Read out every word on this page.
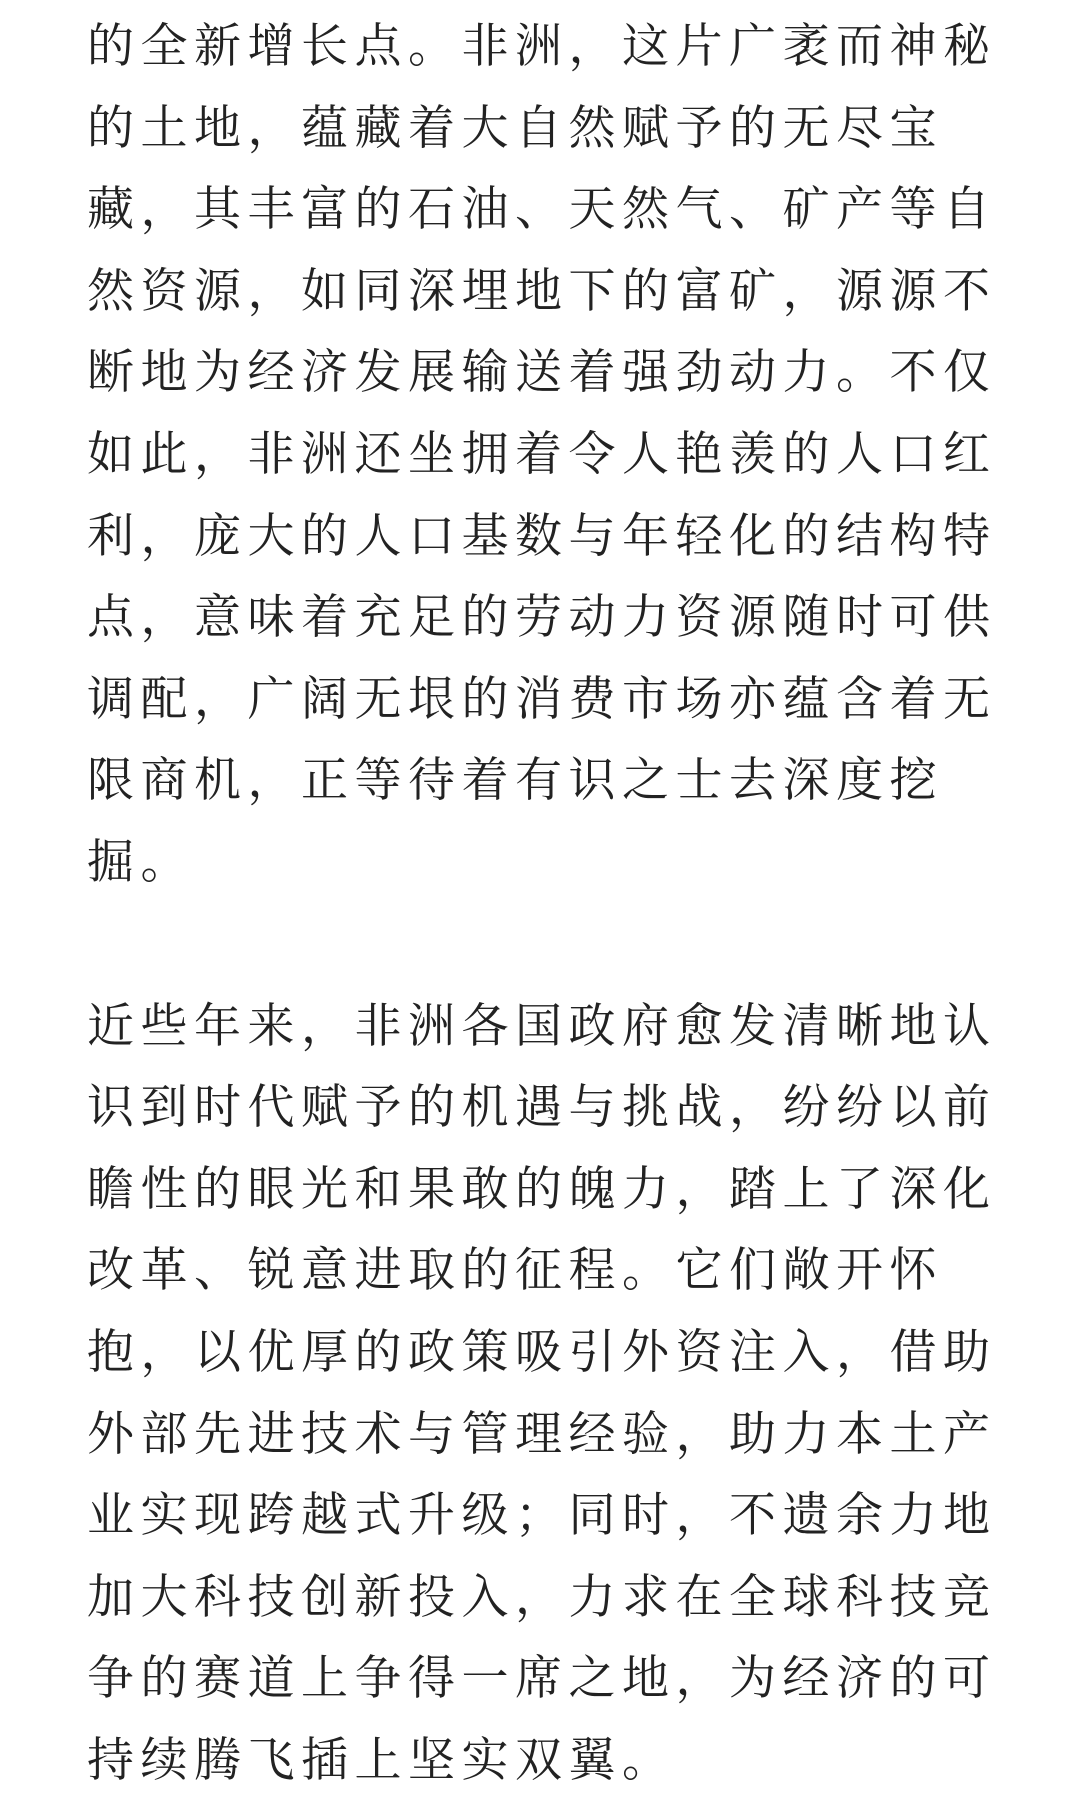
的全新增长点。非洲，这片广袤而神秘
的土地，蕴藏着大自然赋予的无尽宝
藏，其丰富的石油、天然气、矿产等自
然资源，如同深埋地下的富矿，源源不
断地为经济发展输送着强劲动力。不仅
如此，非洲还坐拥着令人艳羡的人口红
利，庞大的人口基数与年轻化的结构特
点，意味着充足的劳动力资源随时可供
调配，广阔无垠的消费市场亦蕴含着无
限商机，正等待着有识之士去深度挖
掘。
近些年来，非洲各国政府愈发清晰地认
识到时代赋予的机遇与挑战，纷纷以前
瞻性的眼光和果敢的魄力，踏上了深化
改革、锐意进取的征程。它们敞开怀
抱，以优厚的政策吸引外资注入，借助
外部先进技术与管理经验，助力本土产
业实现跨越式升级；同时，不遗余力地
加大科技创新投入，力求在全球科技竞
争的赛道上争得一席之地，为经济的可
持续腾飞插上坚实双翼。
